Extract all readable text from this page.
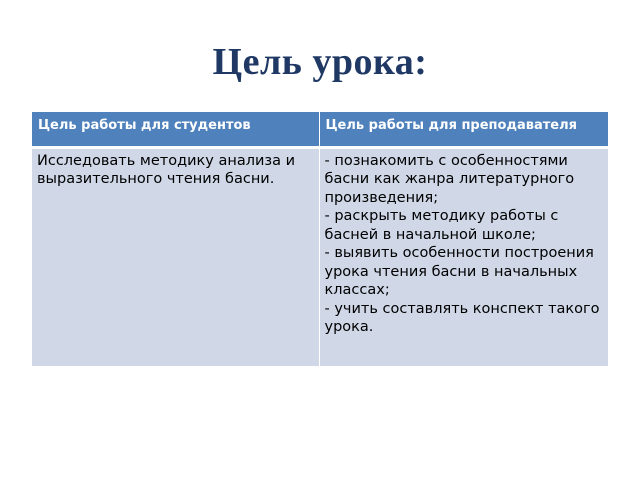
Цель урока:
Цель работы для студентов	Цель работы для преподавателя
Исследовать методику анализа и выразительного чтения басни.	- познакомить с особенностями басни как жанра литературного произведения;
- раскрыть методику работы с басней в начальной школе;
- выявить особенности построения урока чтения басни в начальных классах;
- учить составлять конспект такого урока.
